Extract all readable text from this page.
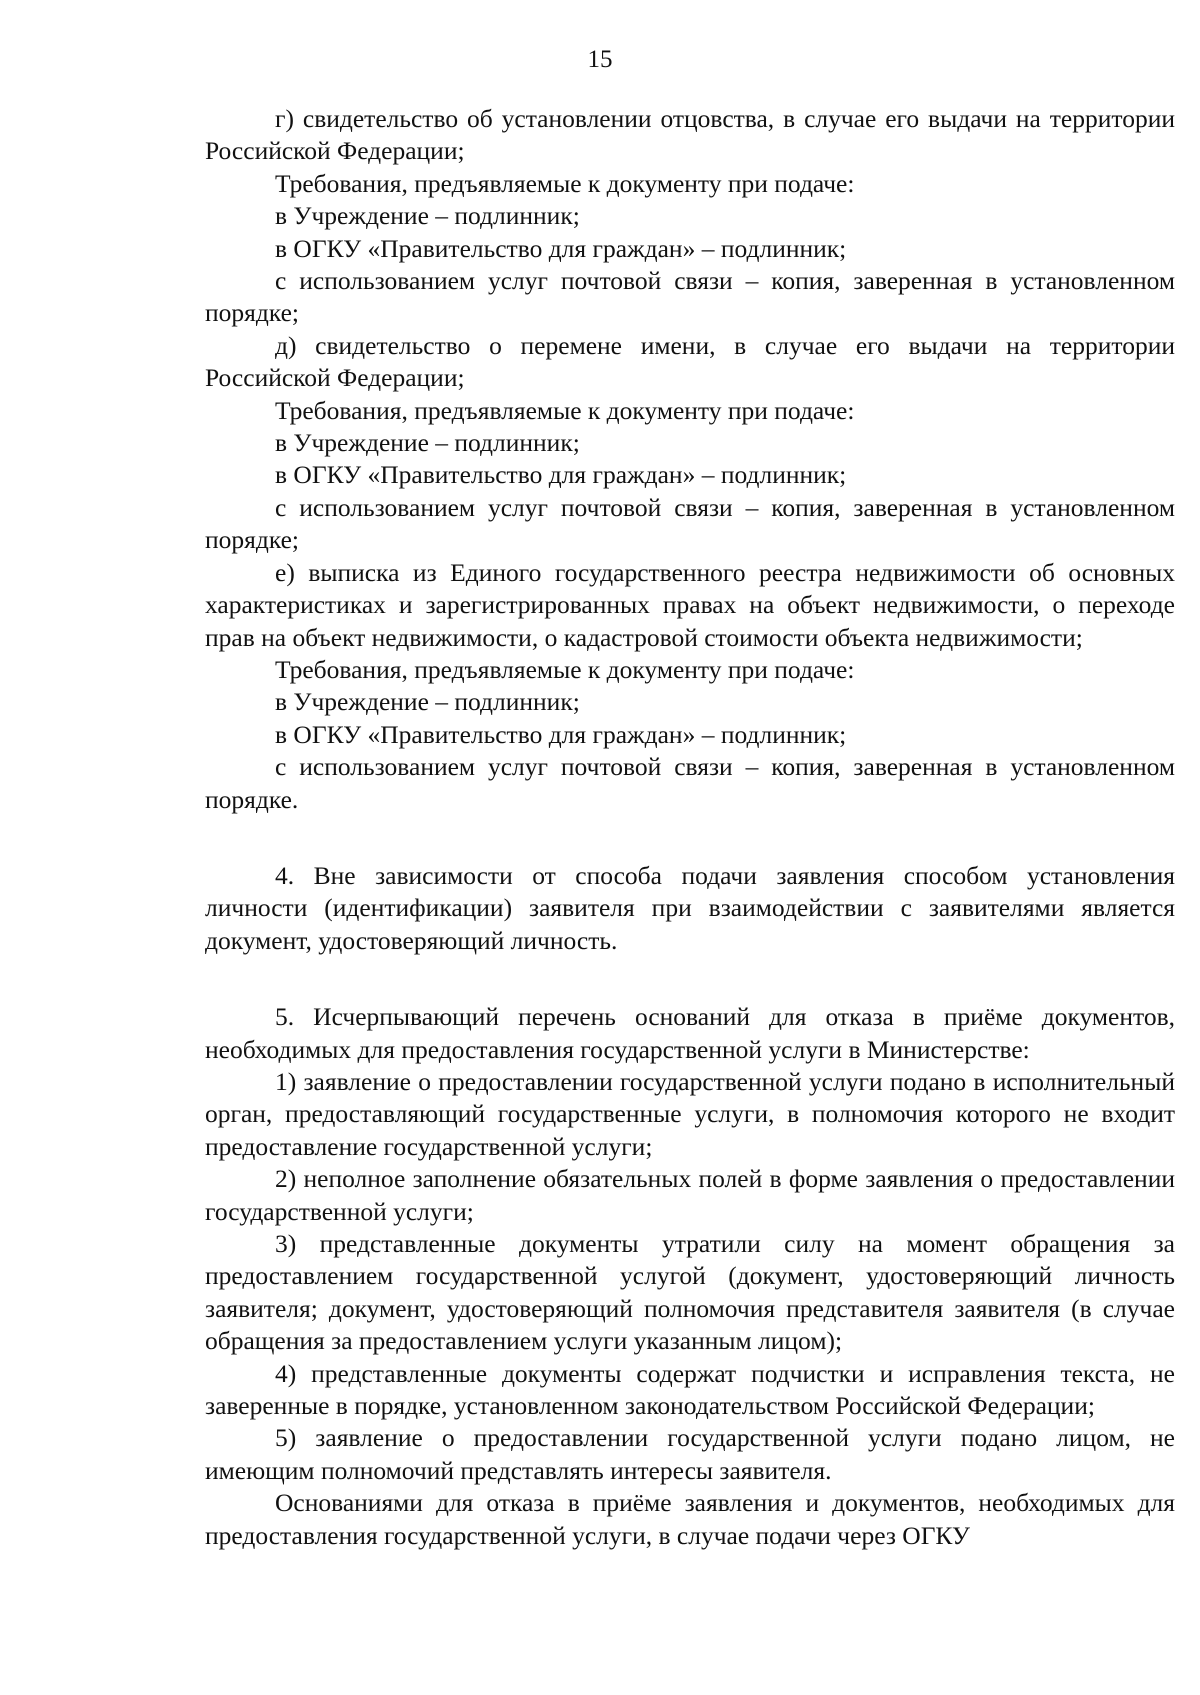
15

г) свидетельство об установлении отцовства, в случае его выдачи на территории Российской Федерации;

Требования, предъявляемые к документу при подаче:

в Учреждение – подлинник;

в ОГКУ «Правительство для граждан» – подлинник;

с использованием услуг почтовой связи – копия, заверенная в установленном порядке;

д) свидетельство о перемене имени, в случае его выдачи на территории Российской Федерации;

Требования, предъявляемые к документу при подаче:

в Учреждение – подлинник;

в ОГКУ «Правительство для граждан» – подлинник;

с использованием услуг почтовой связи – копия, заверенная в установленном порядке;

е) выписка из Единого государственного реестра недвижимости об основных характеристиках и зарегистрированных правах на объект недвижимости, о переходе прав на объект недвижимости, о кадастровой стоимости объекта недвижимости;

Требования, предъявляемые к документу при подаче:

в Учреждение – подлинник;

в ОГКУ «Правительство для граждан» – подлинник;

с использованием услуг почтовой связи – копия, заверенная в установленном порядке.

4. Вне зависимости от способа подачи заявления способом установления личности (идентификации) заявителя при взаимодействии с заявителями является документ, удостоверяющий личность.

5. Исчерпывающий перечень оснований для отказа в приёме документов, необходимых для предоставления государственной услуги в Министерстве:

1) заявление о предоставлении государственной услуги подано в исполнительный орган, предоставляющий государственные услуги, в полномочия которого не входит предоставление государственной услуги;

2) неполное заполнение обязательных полей в форме заявления о предоставлении государственной услуги;

3) представленные документы утратили силу на момент обращения за предоставлением государственной услугой (документ, удостоверяющий личность заявителя; документ, удостоверяющий полномочия представителя заявителя (в случае обращения за предоставлением услуги указанным лицом);

4) представленные документы содержат подчистки и исправления текста, не заверенные в порядке, установленном законодательством Российской Федерации;

5) заявление о предоставлении государственной услуги подано лицом, не имеющим полномочий представлять интересы заявителя.

Основаниями для отказа в приёме заявления и документов, необходимых для предоставления государственной услуги, в случае подачи через ОГКУ
